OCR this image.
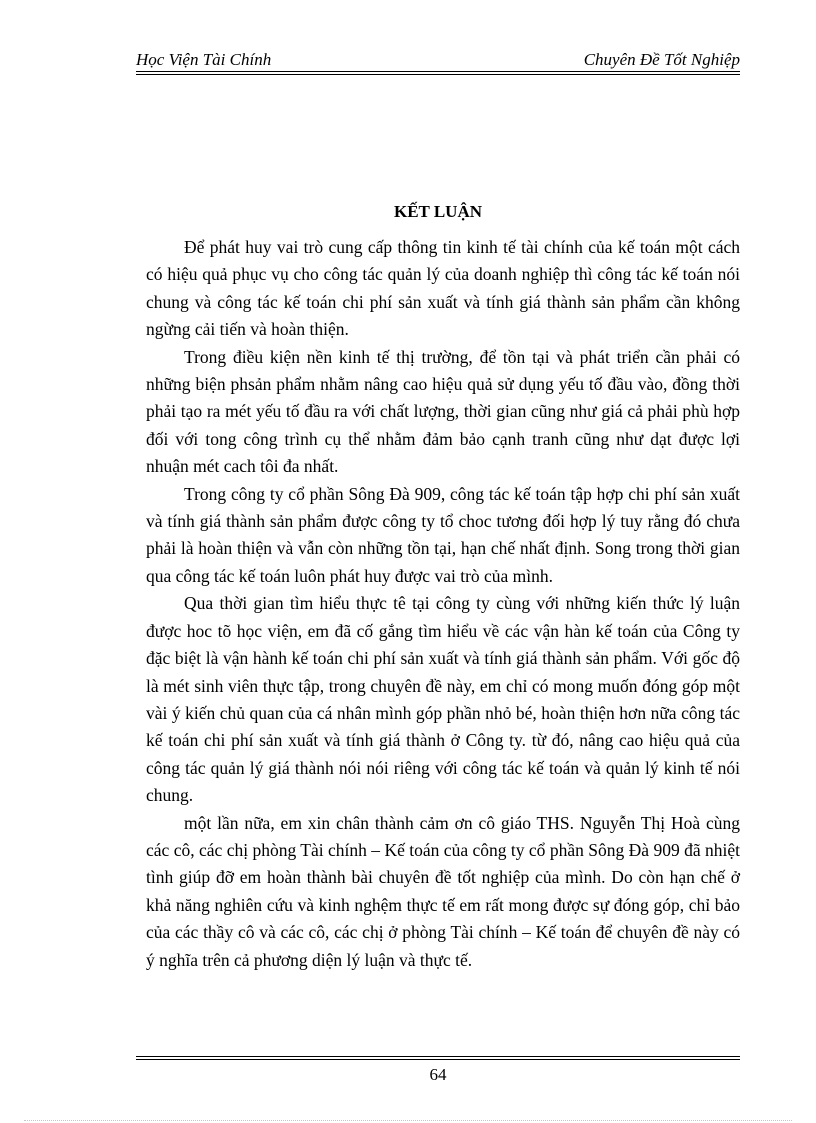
Học Viện Tài Chính	Chuyên Đề Tốt Nghiệp
KẾT LUẬN

Để phát huy vai trò cung cấp thông tin kinh tế tài chính của kế toán một cách có hiệu quả phục vụ cho công tác quản lý của doanh nghiệp thì công tác kế toán nói chung và công tác kế toán chi phí sản xuất và tính giá thành sản phẩm cần không ngừng cải tiến và hoàn thiện.

Trong điều kiện nền kinh tế thị trường, để tồn tại và phát triển cần phải có những biện phsản phẩm nhằm nâng cao hiệu quả sử dụng yếu tố đầu vào, đồng thời phải tạo ra mét yếu tố đầu ra với chất lượng, thời gian cũng như giá cả phải phù hợp đối với tong công trình cụ thể nhằm đảm bảo cạnh tranh cũng như dạt được lợi nhuận mét cach tôi đa nhất.

Trong công ty cổ phần Sông Đà 909, công tác kế toán tập hợp chi phí sản xuất và tính giá thành sản phẩm được công ty tổ choc tương đối hợp lý tuy rằng đó chưa phải là hoàn thiện và vẫn còn những tồn tại, hạn chế nhất định. Song trong thời gian qua công tác kế toán luôn phát huy được vai trò của mình.

Qua thời gian tìm hiểu thực tê tại công ty cùng với những kiến thức lý luận được hoc tõ học viện, em đã cố gắng tìm hiểu về các vận hàn kế toán của Công ty đặc biệt là vận hành kế toán chi phí sản xuất và tính giá thành sản phẩm. Với gốc độ là mét sinh viên thực tập, trong chuyên đề này, em chỉ có mong muốn đóng góp một vài ý kiến chủ quan của cá nhân mình góp phần nhỏ bé, hoàn thiện hơn nữa công tác kế toán chi phí sản xuất và tính giá thành ở Công ty. từ đó, nâng cao hiệu quả của công tác quản lý giá thành nói nói riêng với công tác kế toán và quản lý kinh tế nói chung.

một lần nữa, em xin chân thành cảm ơn cô giáo THS. Nguyễn Thị Hoà cùng các cô, các chị phòng Tài chính – Kế toán của công ty cổ phần Sông Đà 909 đã nhiệt tình giúp đỡ em hoàn thành bài chuyên đề tốt nghiệp của mình. Do còn hạn chế ở khả năng nghiên cứu và kinh nghệm thực tế em rất mong được sự đóng góp, chỉ bảo của các thầy cô và các cô, các chị ở phòng Tài chính – Kế toán để chuyên đề này có ý nghĩa trên cả phương diện lý luận và thực tế.

64
